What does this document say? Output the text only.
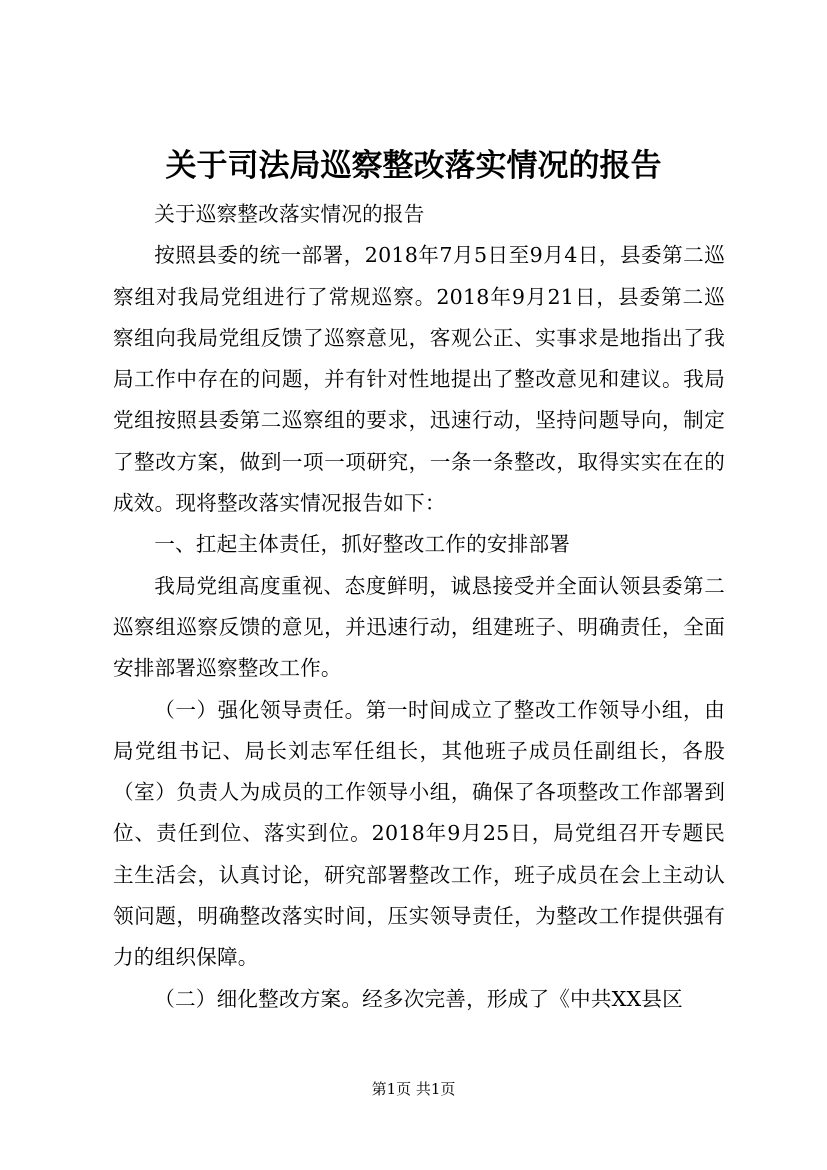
关于司法局巡察整改落实情况的报告

关于巡察整改落实情况的报告

按照县委的统一部署，2018年7月5日至9月4日，县委第二巡察组对我局党组进行了常规巡察。2018年9月21日，县委第二巡察组向我局党组反馈了巡察意见，客观公正、实事求是地指出了我局工作中存在的问题，并有针对性地提出了整改意见和建议。我局党组按照县委第二巡察组的要求，迅速行动，坚持问题导向，制定了整改方案，做到一项一项研究，一条一条整改，取得实实在在的成效。现将整改落实情况报告如下：

一、扛起主体责任，抓好整改工作的安排部署

我局党组高度重视、态度鲜明，诚恳接受并全面认领县委第二巡察组巡察反馈的意见，并迅速行动，组建班子、明确责任，全面安排部署巡察整改工作。

（一）强化领导责任。第一时间成立了整改工作领导小组，由局党组书记、局长刘志军任组长，其他班子成员任副组长，各股（室）负责人为成员的工作领导小组，确保了各项整改工作部署到位、责任到位、落实到位。2018年9月25日，局党组召开专题民主生活会，认真讨论，研究部署整改工作，班子成员在会上主动认领问题，明确整改落实时间，压实领导责任，为整改工作提供强有力的组织保障。

（二）细化整改方案。经多次完善，形成了《中共XX县区

第1页 共1页
